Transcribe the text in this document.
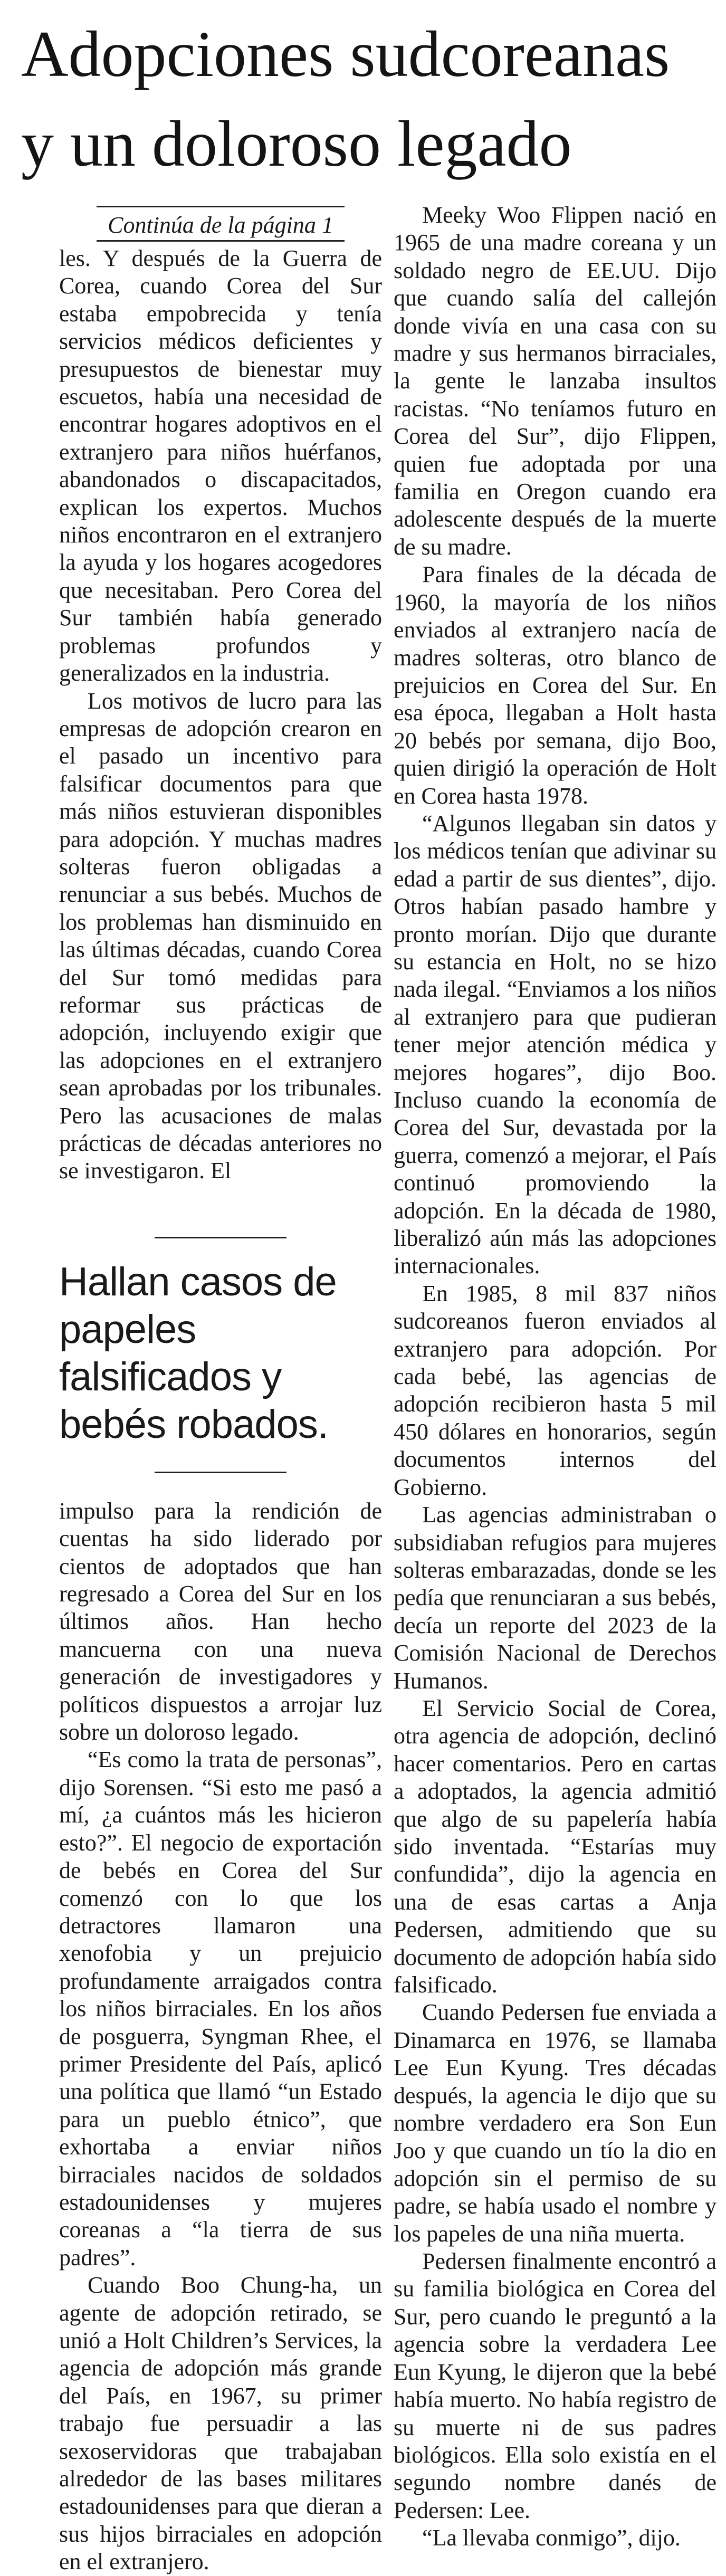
Adopciones sudcoreanas
y un doloroso legado
Continúa de la página 1

les. Y después de la Guerra de Corea, cuando Corea del Sur estaba empobrecida y tenía servicios médicos deficientes y presupuestos de bienestar muy escuetos, había una necesidad de encontrar hogares adoptivos en el extranjero para niños huérfanos, abandonados o discapacitados, explican los expertos. Muchos niños encontraron en el extranjero la ayuda y los hogares acogedores que necesitaban. Pero Corea del Sur también había generado problemas profundos y generalizados en la industria.

Los motivos de lucro para las empresas de adopción crearon en el pasado un incentivo para falsificar documentos para que más niños estuvieran disponibles para adopción. Y muchas madres solteras fueron obligadas a renunciar a sus bebés. Muchos de los problemas han disminuido en las últimas décadas, cuando Corea del Sur tomó medidas para reformar sus prácticas de adopción, incluyendo exigir que las adopciones en el extranjero sean aprobadas por los tribunales. Pero las acusaciones de malas prácticas de décadas anteriores no se investigaron. El

Hallan casos de papeles falsificados y bebés robados.

impulso para la rendición de cuentas ha sido liderado por cientos de adoptados que han regresado a Corea del Sur en los últimos años. Han hecho mancuerna con una nueva generación de investigadores y políticos dispuestos a arrojar luz sobre un doloroso legado.

“Es como la trata de personas”, dijo Sorensen. “Si esto me pasó a mí, ¿a cuántos más les hicieron esto?”. El negocio de exportación de bebés en Corea del Sur comenzó con lo que los detractores llamaron una xenofobia y un prejuicio profundamente arraigados contra los niños birraciales. En los años de posguerra, Syngman Rhee, el primer Presidente del País, aplicó una política que llamó “un Estado para un pueblo étnico”, que exhortaba a enviar niños birraciales nacidos de soldados estadounidenses y mujeres coreanas a “la tierra de sus padres”.

Cuando Boo Chung-ha, un agente de adopción retirado, se unió a Holt Children’s Services, la agencia de adopción más grande del País, en 1967, su primer trabajo fue persuadir a las sexoservidoras que trabajaban alrededor de las bases militares estadounidenses para que dieran a sus hijos birraciales en adopción en el extranjero.

Meeky Woo Flippen nació en 1965 de una madre coreana y un soldado negro de EE.UU. Dijo que cuando salía del callejón donde vivía en una casa con su madre y sus hermanos birraciales, la gente le lanzaba insultos racistas. “No teníamos futuro en Corea del Sur”, dijo Flippen, quien fue adoptada por una familia en Oregon cuando era adolescente después de la muerte de su madre.

Para finales de la década de 1960, la mayoría de los niños enviados al extranjero nacía de madres solteras, otro blanco de prejuicios en Corea del Sur. En esa época, llegaban a Holt hasta 20 bebés por semana, dijo Boo, quien dirigió la operación de Holt en Corea hasta 1978.

“Algunos llegaban sin datos y los médicos tenían que adivinar su edad a partir de sus dientes”, dijo. Otros habían pasado hambre y pronto morían. Dijo que durante su estancia en Holt, no se hizo nada ilegal. “Enviamos a los niños al extranjero para que pudieran tener mejor atención médica y mejores hogares”, dijo Boo. Incluso cuando la economía de Corea del Sur, devastada por la guerra, comenzó a mejorar, el País continuó promoviendo la adopción. En la década de 1980, liberalizó aún más las adopciones internacionales.

En 1985, 8 mil 837 niños sudcoreanos fueron enviados al extranjero para adopción. Por cada bebé, las agencias de adopción recibieron hasta 5 mil 450 dólares en honorarios, según documentos internos del Gobierno.

Las agencias administraban o subsidiaban refugios para mujeres solteras embarazadas, donde se les pedía que renunciaran a sus bebés, decía un reporte del 2023 de la Comisión Nacional de Derechos Humanos.

El Servicio Social de Corea, otra agencia de adopción, declinó hacer comentarios. Pero en cartas a adoptados, la agencia admitió que algo de su papelería había sido inventada. “Estarías muy confundida”, dijo la agencia en una de esas cartas a Anja Pedersen, admitiendo que su documento de adopción había sido falsificado.

Cuando Pedersen fue enviada a Dinamarca en 1976, se llamaba Lee Eun Kyung. Tres décadas después, la agencia le dijo que su nombre verdadero era Son Eun Joo y que cuando un tío la dio en adopción sin el permiso de su padre, se había usado el nombre y los papeles de una niña muerta.

Pedersen finalmente encontró a su familia biológica en Corea del Sur, pero cuando le preguntó a la agencia sobre la verdadera Lee Eun Kyung, le dijeron que la bebé había muerto. No había registro de su muerte ni de sus padres biológicos. Ella solo existía en el segundo nombre danés de Pedersen: Lee.

“La llevaba conmigo”, dijo.
